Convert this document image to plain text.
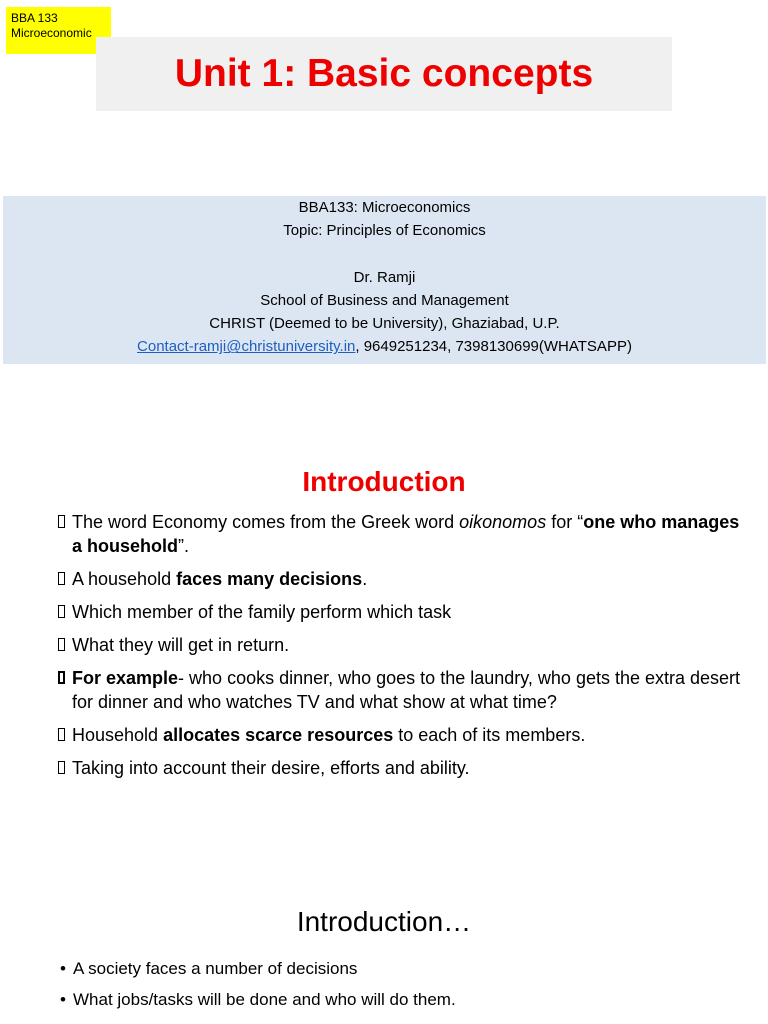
BBA 133
Microeconomic
Unit 1: Basic concepts
BBA133: Microeconomics
Topic: Principles of Economics
Dr. Ramji
School of Business and Management
CHRIST (Deemed to be University), Ghaziabad, U.P.
Contact-ramji@christuniversity.in, 9649251234, 7398130699(WHATSAPP)
Introduction
The word Economy comes from the Greek word oikonomos for “one who manages a household”.
A household faces many decisions.
Which member of the family perform which task
What they will get in return.
For example- who cooks dinner, who goes to the laundry, who gets the extra desert for dinner and who watches TV and what show at what time?
Household allocates scarce resources to each of its members.
Taking into account their desire, efforts and ability.
Introduction…
• A society faces a number of decisions
• What jobs/tasks will be done and who will do them.
